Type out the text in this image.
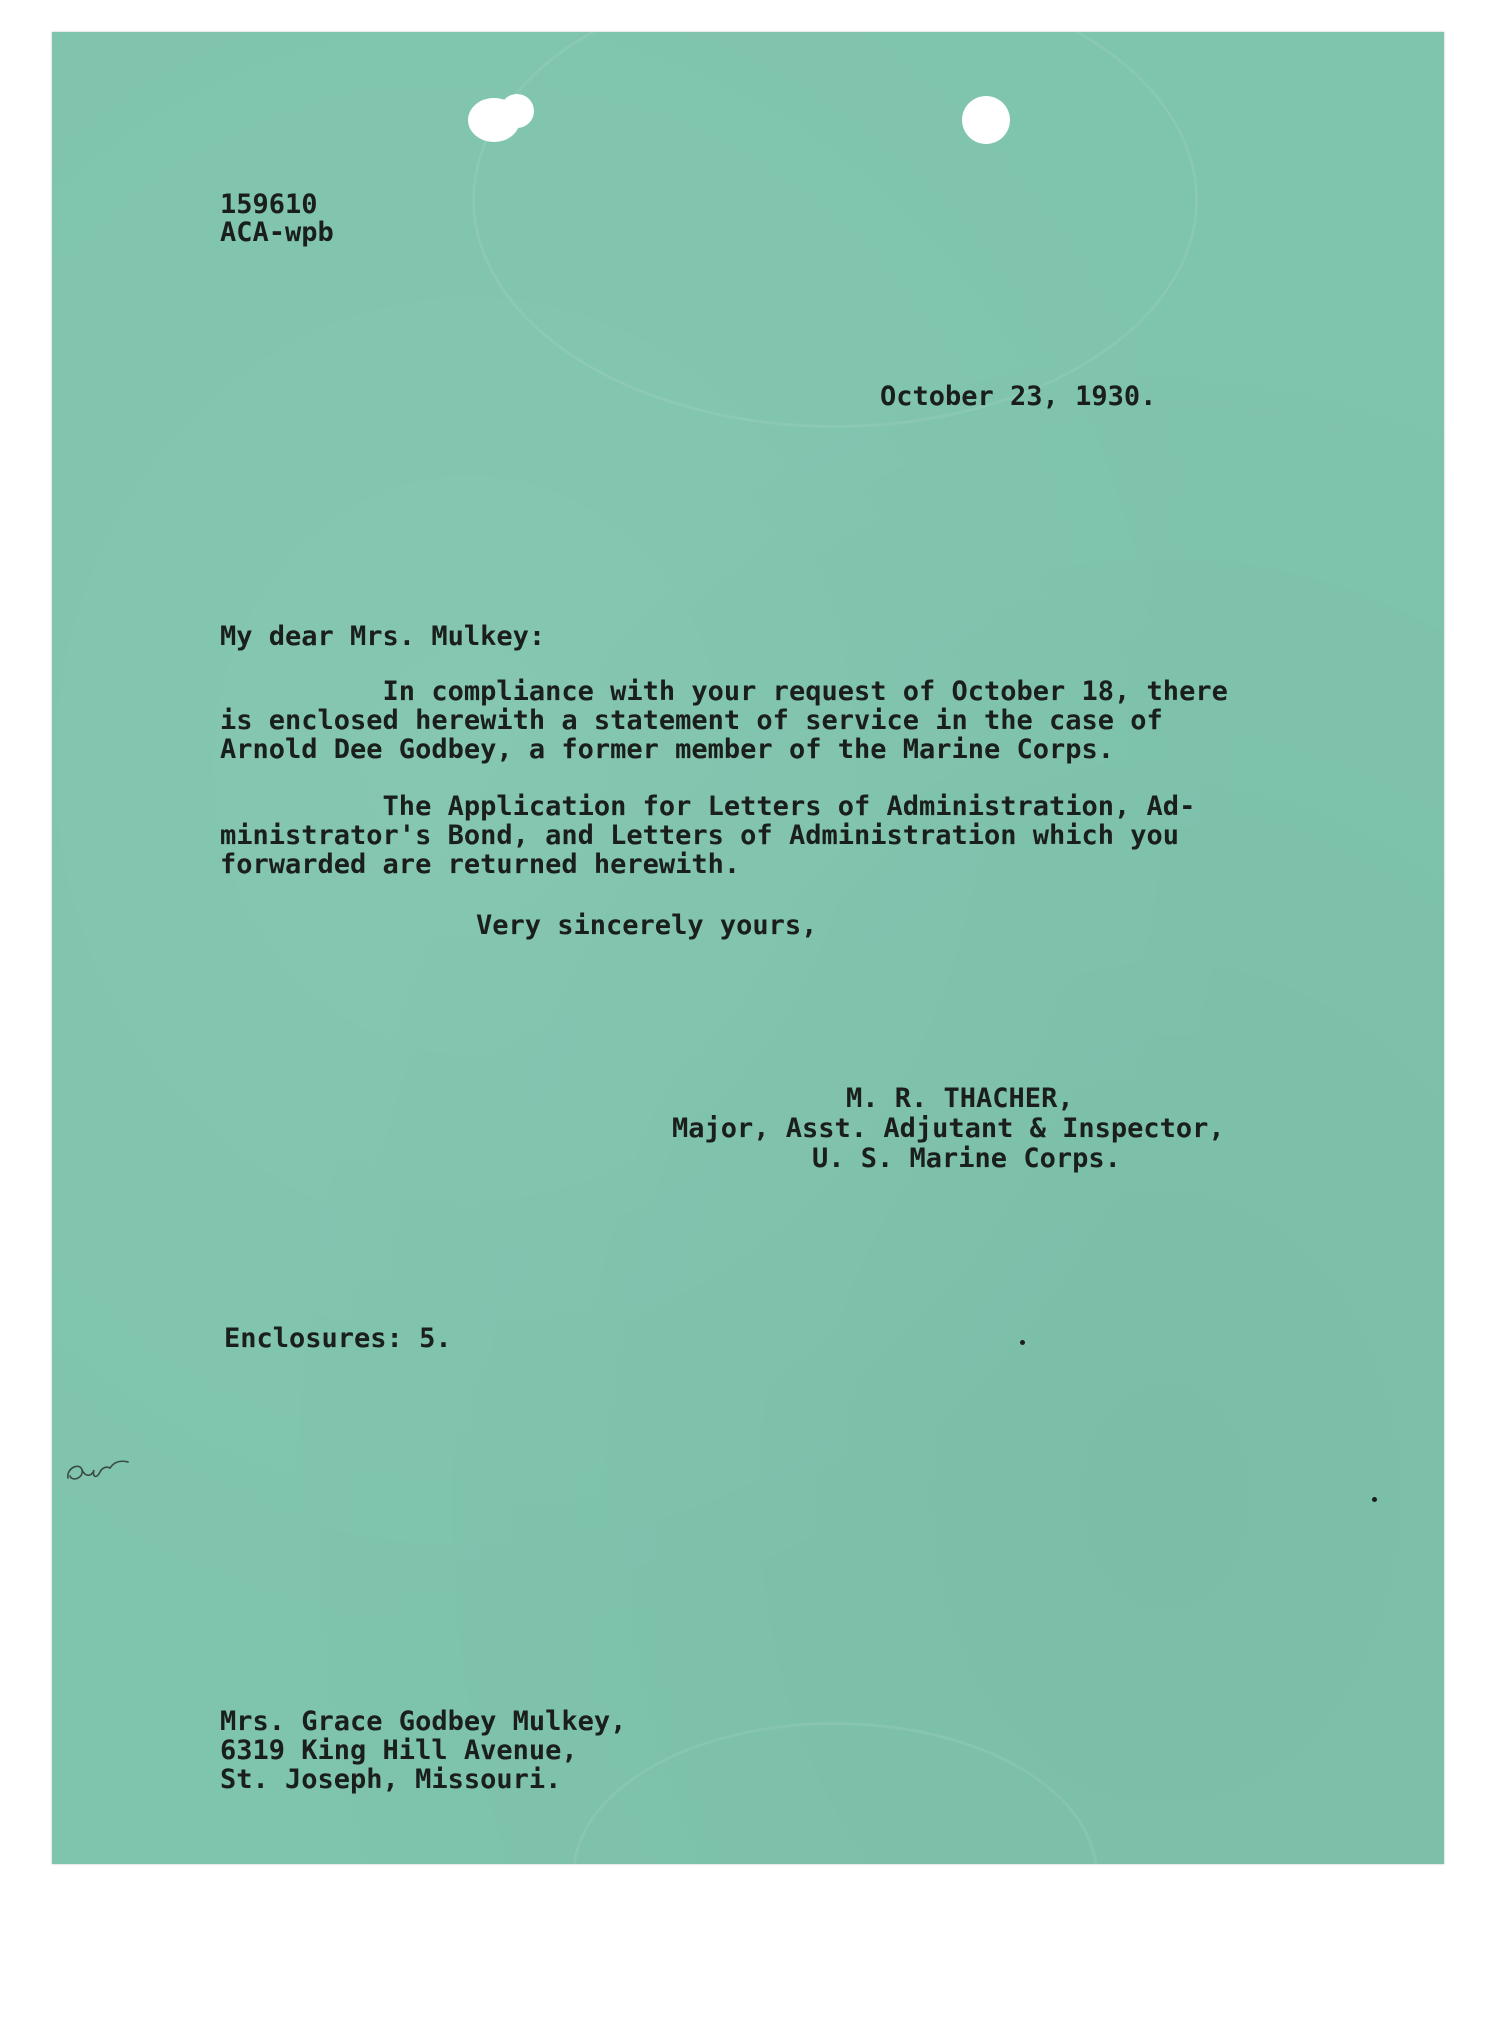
159610
ACA-wpb
October 23, 1930.
My dear Mrs. Mulkey:
In compliance with your request of October 18, there
is enclosed herewith a statement of service in the case of
Arnold Dee Godbey, a former member of the Marine Corps.
The Application for Letters of Administration, Ad-
ministrator's Bond, and Letters of Administration which you
forwarded are returned herewith.
Very sincerely yours,
M. R. THACHER,
Major, Asst. Adjutant & Inspector,
U. S. Marine Corps.
Enclosures: 5.
Mrs. Grace Godbey Mulkey,
6319 King Hill Avenue,
St. Joseph, Missouri.
